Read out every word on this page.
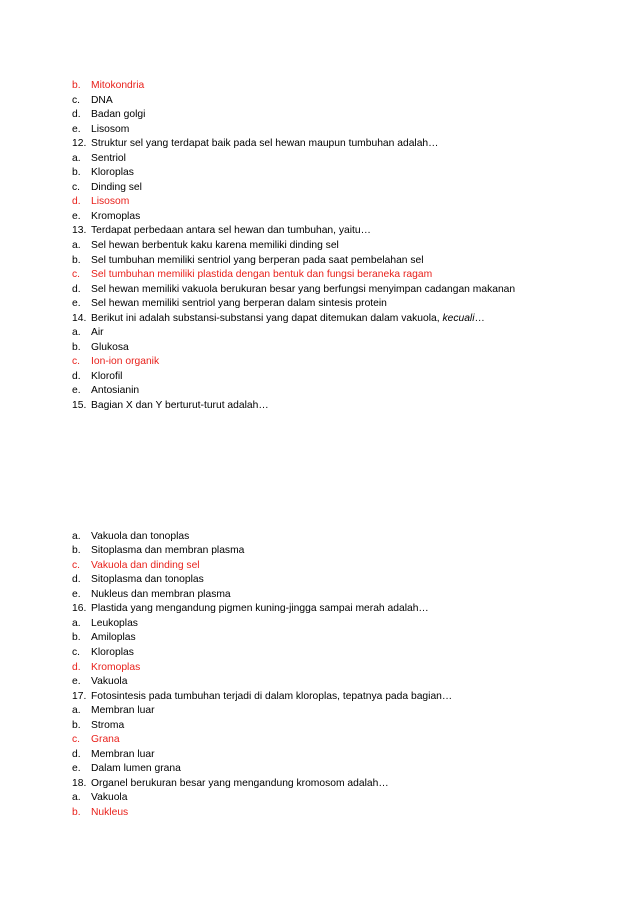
b.	Mitokondria
c.	DNA
d.	Badan golgi
e.	Lisosom
12. Struktur sel yang terdapat baik pada sel hewan maupun tumbuhan adalah…
a.	Sentriol
b.	Kloroplas
c.	Dinding sel
d.	Lisosom
e.	Kromoplas
13. Terdapat perbedaan antara sel hewan dan tumbuhan, yaitu…
a.	Sel hewan berbentuk kaku karena memiliki dinding sel
b.	Sel tumbuhan memiliki sentriol yang berperan pada saat pembelahan sel
c.	Sel tumbuhan memiliki plastida dengan bentuk dan fungsi beraneka ragam
d.	Sel hewan memiliki vakuola berukuran besar yang berfungsi menyimpan cadangan makanan
e.	Sel hewan memiliki sentriol yang berperan dalam sintesis protein
14. Berikut ini adalah substansi-substansi yang dapat ditemukan dalam vakuola, kecuali…
a.	Air
b.	Glukosa
c.	Ion-ion organik
d.	Klorofil
e.	Antosianin
15. Bagian X dan Y berturut-turut adalah…
a.	Vakuola dan tonoplas
b.	Sitoplasma dan membran plasma
c.	Vakuola dan dinding sel
d.	Sitoplasma dan tonoplas
e.	Nukleus dan membran plasma
16. Plastida yang mengandung pigmen kuning-jingga sampai merah adalah…
a.	Leukoplas
b.	Amiloplas
c.	Kloroplas
d.	Kromoplas
e.	Vakuola
17. Fotosintesis pada tumbuhan terjadi di dalam kloroplas, tepatnya pada bagian…
a.	Membran luar
b.	Stroma
c.	Grana
d.	Membran luar
e.	Dalam lumen grana
18. Organel berukuran besar yang mengandung kromosom adalah…
a.	Vakuola
b.	Nukleus
